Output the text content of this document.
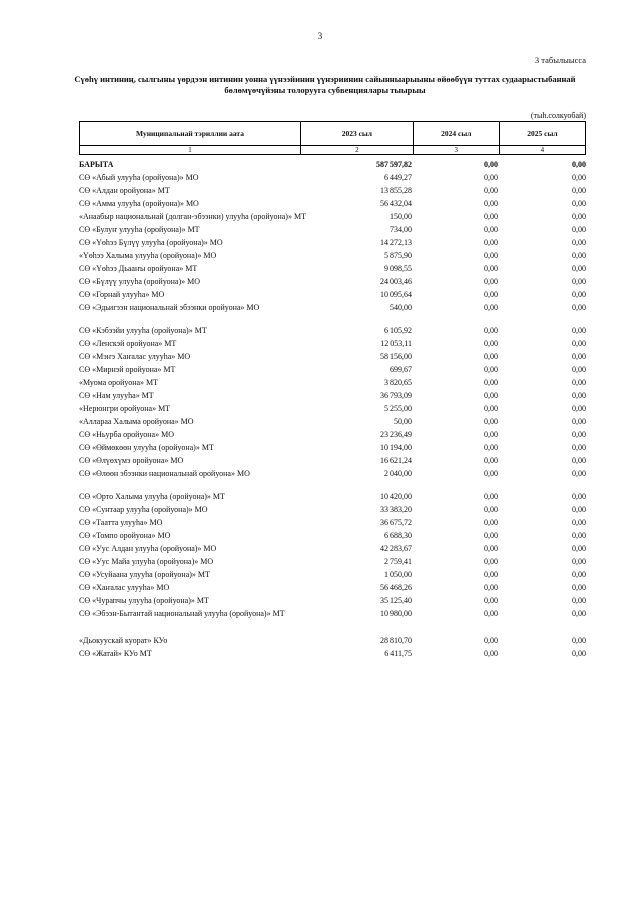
3
3 табылыысса
Сүөһү интиниң, сылгыны үөрдээн интинин уонна үүнээйинин үүнэриинин сайынныарыыны өйөөбүүн туттах судаарыстыбаннай бөлөмүөчүйэны толорууга субвенциялары тыырыы
(тыһ.солкуобай)
Муниципальнай тэриллии аата	2023 сыл	2024 сыл	2025 сыл
1	2	3	4
БАРЫТА	587 597,82	0,00	0,00
СӨ «Абый улууһа (оройуона)» МО	6 449,27	0,00	0,00
СӨ «Алдан оройуона» МТ	13 855,28	0,00	0,00
СӨ «Амма улууһа (оройуона)» МО	56 432,04	0,00	0,00
«Анаабыр национальнай (долган-эбээнки) улууһа (оройуона)» МТ	150,00	0,00	0,00
СӨ «Булуҥ улууһа (оройуона)» МТ	734,00	0,00	0,00
СӨ «Үөһээ Бүлүү улууһа (оройуона)» МО	14 272,13	0,00	0,00
«Үөһээ Халыма улууһа (оройуона)» МО	5 875,90	0,00	0,00
СӨ «Үөһээ Дьааҥы оройуона» МТ	9 098,55	0,00	0,00
СӨ «Бүлүү улууһа (оройуона)» МО	24 003,46	0,00	0,00
СӨ «Горнай улууһа» МО	10 095,64	0,00	0,00
СӨ «Эдьигээн национальнай эбээнки оройуона» МО	540,00	0,00	0,00
СӨ «Кэбээйи улууһа (оройуона)» МТ	6 105,92	0,00	0,00
СӨ «Ленскэй оройуона» МТ	12 053,11	0,00	0,00
СӨ «Мэҥэ Хаҥалас улууһа» МО	58 156,00	0,00	0,00
СӨ «Мирнэй оройуона» МТ	699,67	0,00	0,00
«Муома оройуона» МТ	3 820,65	0,00	0,00
СӨ «Нам улууһа» МТ	36 793,09	0,00	0,00
«Нерюнгри оройуона» МТ	5 255,00	0,00	0,00
«Аллараа Халыма оройуона» МО	50,00	0,00	0,00
СӨ «Ньурба оройуона» МО	23 236,49	0,00	0,00
СӨ «Өймөкөөн улууһа (оройуона)» МТ	10 194,00	0,00	0,00
СӨ «Өлүөхүмэ оройуона» МО	16 621,24	0,00	0,00
СӨ «Өлөөн эбээнки национальнай оройуона» МО	2 040,00	0,00	0,00
СӨ «Орто Халыма улууһа (оройуона)» МТ	10 420,00	0,00	0,00
СӨ «Сунтаар улууһа (оройуона)» МО	33 383,20	0,00	0,00
СӨ «Таатта улууһа» МО	36 675,72	0,00	0,00
СӨ «Томпо оройуона» МО	6 688,30	0,00	0,00
СӨ «Уус Алдан улууһа (оройуона)» МО	42 283,67	0,00	0,00
СӨ «Уус Майа улууһа (оройуона)» МО	2 759,41	0,00	0,00
СӨ «Усуйаана улууһа (оройуона)» МТ	1 050,00	0,00	0,00
СӨ «Хаҥалас улууһа» МО	56 468,26	0,00	0,00
СӨ «Чурапчы улууһа (оройуона)» МТ	35 125,40	0,00	0,00
СӨ «Эбээн-Бытантай национальнай улууһа (оройуона)» МТ	10 980,00	0,00	0,00
«Дьокуускай куорат» КУо	28 810,70	0,00	0,00
СӨ «Жатай» КУо МТ	6 411,75	0,00	0,00
